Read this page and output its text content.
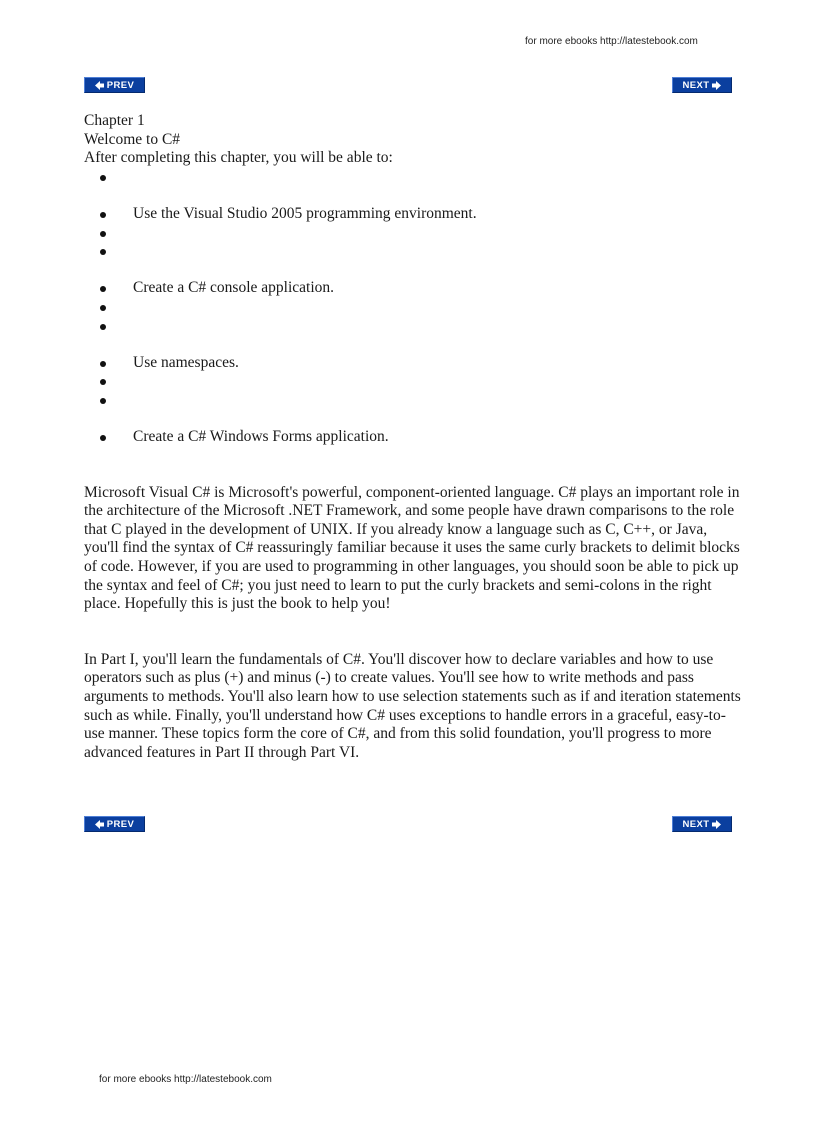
for more ebooks http://latestebook.com
PREV	NEXT

Chapter 1

Welcome to C#

After completing this chapter, you will be able to:

Use the Visual Studio 2005 programming environment.
Create a C# console application.
Use namespaces.
Create a C# Windows Forms application.

Microsoft Visual C# is Microsoft's powerful, component-oriented language. C# plays an important role in the architecture of the Microsoft .NET Framework, and some people have drawn comparisons to the role that C played in the development of UNIX. If you already know a language such as C, C++, or Java, you'll find the syntax of C# reassuringly familiar because it uses the same curly brackets to delimit blocks of code. However, if you are used to programming in other languages, you should soon be able to pick up the syntax and feel of C#; you just need to learn to put the curly brackets and semi-colons in the right place. Hopefully this is just the book to help you!

In Part I, you'll learn the fundamentals of C#. You'll discover how to declare variables and how to use operators such as plus (+) and minus (-) to create values. You'll see how to write methods and pass arguments to methods. You'll also learn how to use selection statements such as if and iteration statements such as while. Finally, you'll understand how C# uses exceptions to handle errors in a graceful, easy-to-use manner. These topics form the core of C#, and from this solid foundation, you'll progress to more advanced features in Part II through Part VI.

PREV	NEXT
for more ebooks http://latestebook.com
